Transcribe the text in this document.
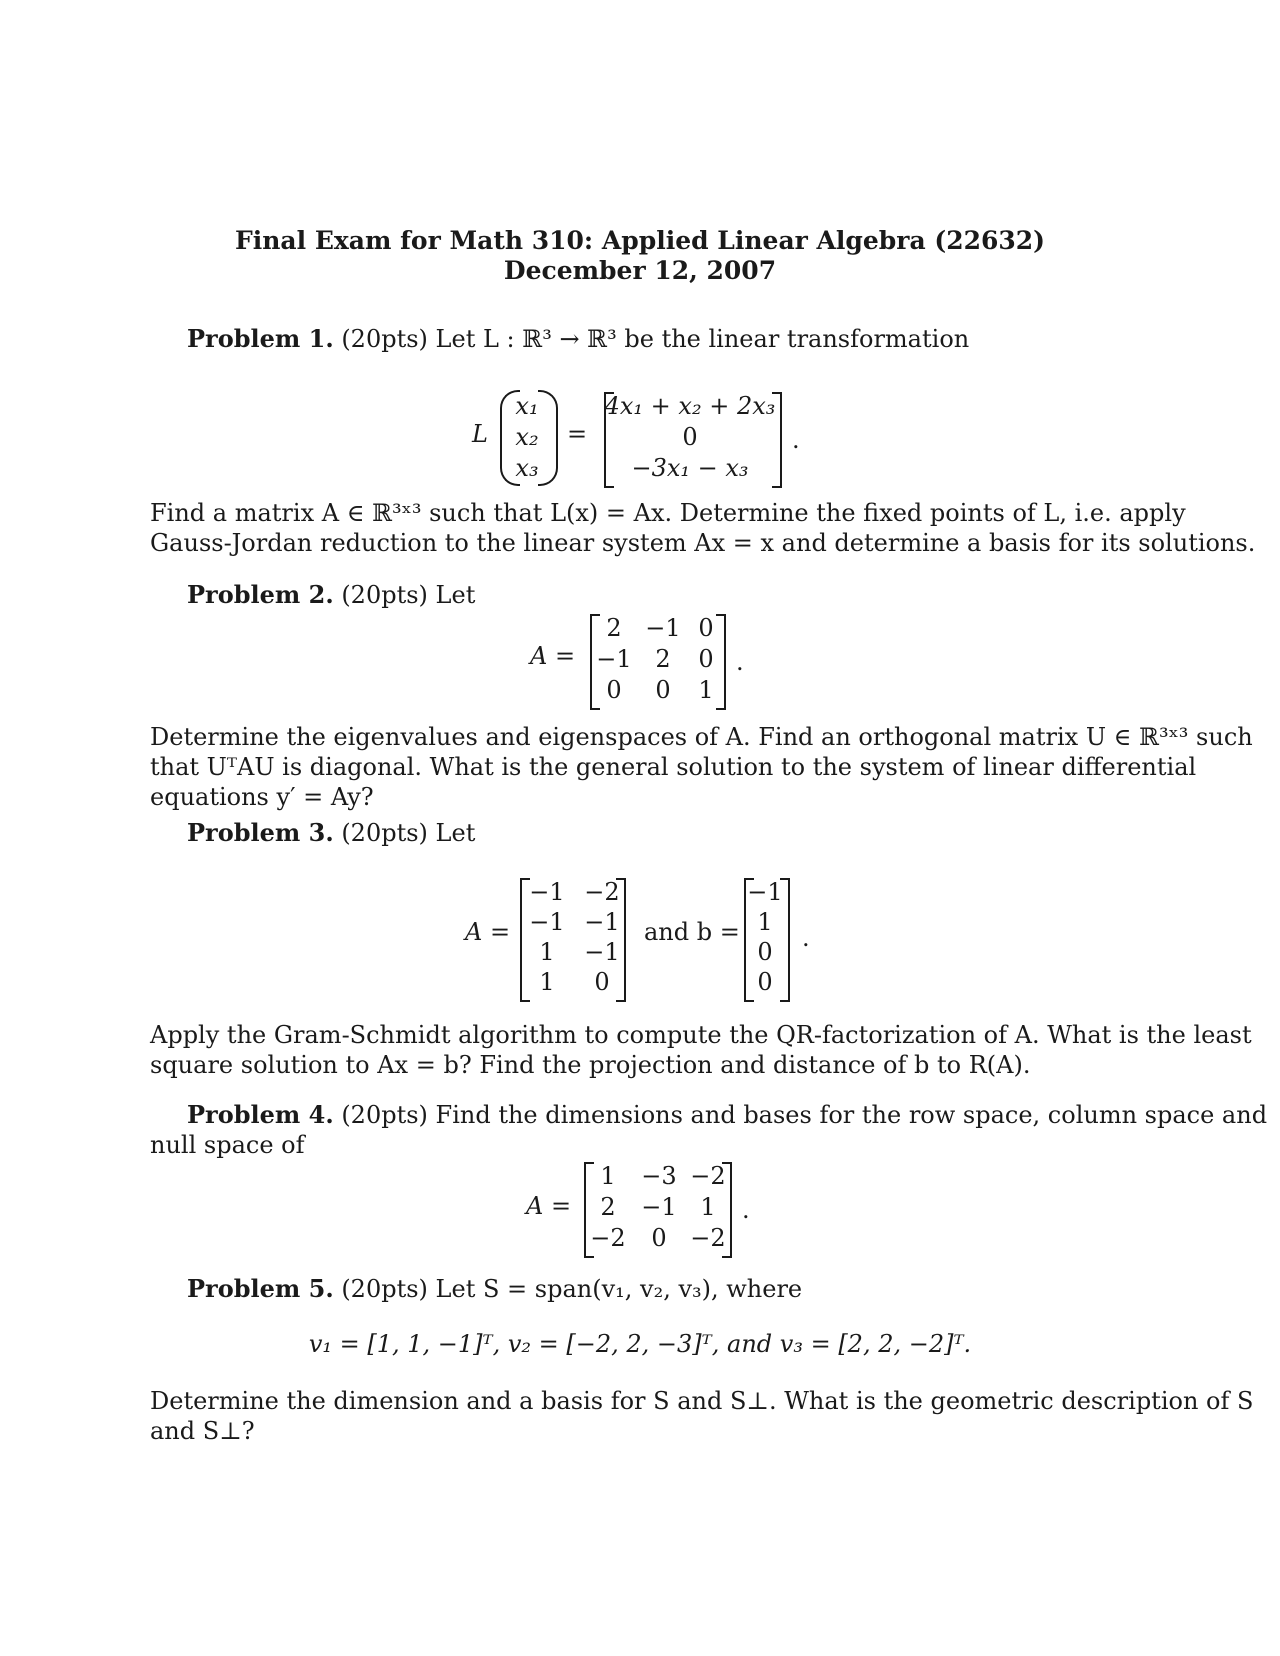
Final Exam for Math 310: Applied Linear Algebra (22632)
December 12, 2007
Problem 1. (20pts) Let L : ℝ³ → ℝ³ be the linear transformation
L
x₁
x₂
x₃
=
4x₁ + x₂ + 2x₃
0
−3x₁ − x₃
.
Find a matrix A ∈ ℝ³ˣ³ such that L(x) = Ax. Determine the fixed points of L, i.e. apply
Gauss-Jordan reduction to the linear system Ax = x and determine a basis for its solutions.
Problem 2. (20pts) Let
A =
2 −1 0
−1 2 0
0 0 1
.
Determine the eigenvalues and eigenspaces of A. Find an orthogonal matrix U ∈ ℝ³ˣ³ such
that UᵀAU is diagonal. What is the general solution to the system of linear differential
equations y′ = Ay?
Problem 3. (20pts) Let
A =
−1 −2
−1 −1
1 −1
1 0
and b =
−1
1
0
0
.
Apply the Gram-Schmidt algorithm to compute the QR-factorization of A. What is the least
square solution to Ax = b? Find the projection and distance of b to R(A).
Problem 4. (20pts) Find the dimensions and bases for the row space, column space and
null space of
A =
1 −3 −2
2 −1 1
−2 0 −2
.
Problem 5. (20pts) Let S = span(v₁, v₂, v₃), where
v₁ = [1, 1, −1]ᵀ, v₂ = [−2, 2, −3]ᵀ, and v₃ = [2, 2, −2]ᵀ.
Determine the dimension and a basis for S and S⊥. What is the geometric description of S
and S⊥?
